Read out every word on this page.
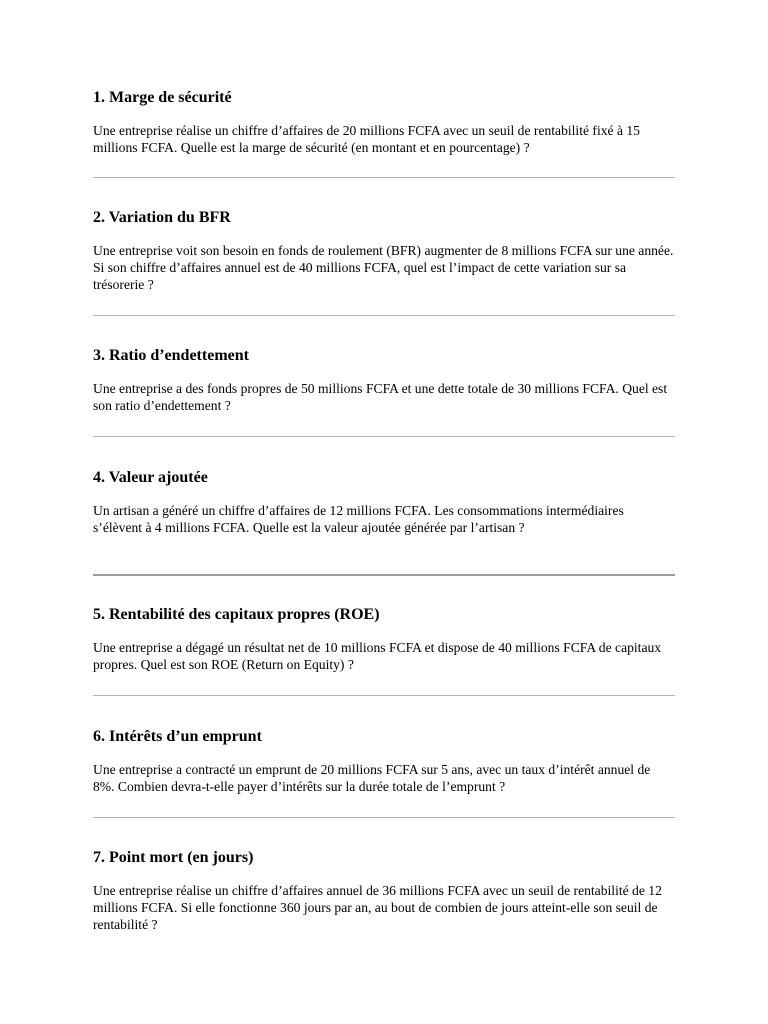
1. Marge de sécurité

Une entreprise réalise un chiffre d’affaires de 20 millions FCFA avec un seuil de rentabilité fixé à 15 millions FCFA. Quelle est la marge de sécurité (en montant et en pourcentage) ?

2. Variation du BFR

Une entreprise voit son besoin en fonds de roulement (BFR) augmenter de 8 millions FCFA sur une année. Si son chiffre d’affaires annuel est de 40 millions FCFA, quel est l’impact de cette variation sur sa trésorerie ?

3. Ratio d’endettement

Une entreprise a des fonds propres de 50 millions FCFA et une dette totale de 30 millions FCFA. Quel est son ratio d’endettement ?

4. Valeur ajoutée

Un artisan a généré un chiffre d’affaires de 12 millions FCFA. Les consommations intermédiaires s’élèvent à 4 millions FCFA. Quelle est la valeur ajoutée générée par l’artisan ?

5. Rentabilité des capitaux propres (ROE)

Une entreprise a dégagé un résultat net de 10 millions FCFA et dispose de 40 millions FCFA de capitaux propres. Quel est son ROE (Return on Equity) ?

6. Intérêts d’un emprunt

Une entreprise a contracté un emprunt de 20 millions FCFA sur 5 ans, avec un taux d’intérêt annuel de 8%. Combien devra-t-elle payer d’intérêts sur la durée totale de l’emprunt ?

7. Point mort (en jours)

Une entreprise réalise un chiffre d’affaires annuel de 36 millions FCFA avec un seuil de rentabilité de 12 millions FCFA. Si elle fonctionne 360 jours par an, au bout de combien de jours atteint-elle son seuil de rentabilité ?
